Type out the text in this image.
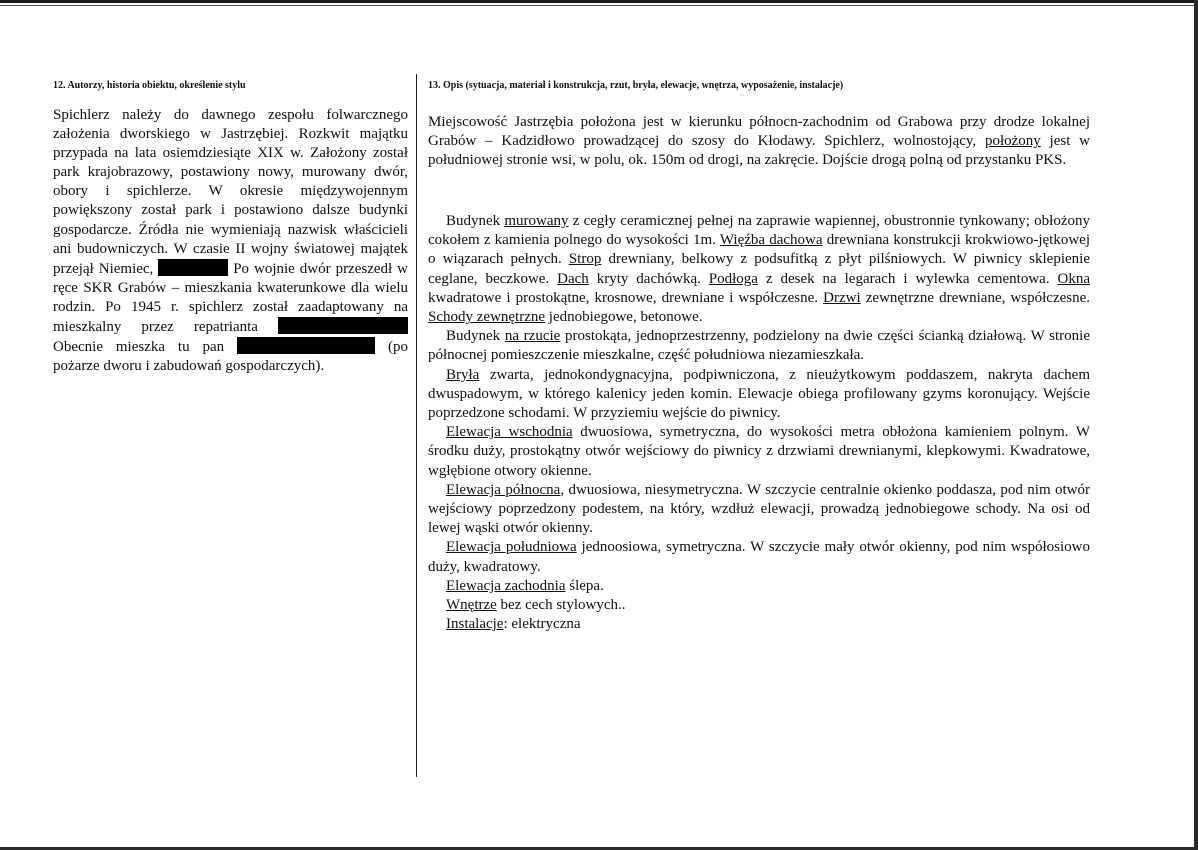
12. Autorzy, historia obiektu, określenie stylu	13. Opis (sytuacja, materiał i konstrukcja, rzut, bryła, elewacje, wnętrza, wyposażenie, instalacje)
Spichlerz należy do dawnego zespołu folwarcznego założenia dworskiego w Jastrzębiej. Rozkwit majątku przypada na lata osiemdziesiąte XIX w. Założony został park krajobrazowy, postawiony nowy, murowany dwór, obory i spichlerze. W okresie międzywojennym powiększony został park i postawiono dalsze budynki gospodarcze. Źródła nie wymieniają nazwisk właścicieli ani budowniczych. W czasie II wojny światowej majątek przejął Niemiec,	Po wojnie dwór przeszedł w ręce SKR Grabów – mieszkania kwaterunkowe dla wielu rodzin. Po 1945 r. spichlerz został zaadaptowany na mieszkalny przez repatrianta  Obecnie mieszka tu pan	(po pożarze dworu i zabudowań gospodarczych).
Miejscowość Jastrzębia położona jest w kierunku północn-zachodnim od Grabowa przy drodze lokalnej Grabów – Kadzidłowo prowadzącej do szosy do Kłodawy. Spichlerz, wolnostojący, położony jest w południowej stronie wsi, w polu, ok. 150m od drogi, na zakręcie. Dojście drogą polną od przystanku PKS.

Budynek murowany z cegły ceramicznej pełnej na zaprawie wapiennej, obustronnie tynkowany; obłożony cokołem z kamienia polnego do wysokości 1m. Więźba dachowa drewniana konstrukcji krokwiowo-jętkowej o wiązarach pełnych. Strop drewniany, belkowy z podsufitką z płyt pilśniowych. W piwnicy sklepienie ceglane, beczkowe. Dach kryty dachówką. Podłoga z desek na legarach i wylewka cementowa. Okna kwadratowe i prostokątne, krosnowe, drewniane i współczesne. Drzwi zewnętrzne drewniane, współczesne. Schody zewnętrzne jednobiegowe, betonowe.

Budynek na rzucie prostokąta, jednoprzestrzenny, podzielony na dwie części ścianką działową. W stronie północnej pomieszczenie mieszkalne, część południowa niezamieszkała.

Bryła zwarta, jednokondygnacyjna, podpiwniczona, z nieużytkowym poddaszem, nakryta dachem dwuspadowym, w którego kalenicy jeden komin. Elewacje obiega profilowany gzyms koronujący. Wejście poprzedzone schodami. W przyziemiu wejście do piwnicy.

Elewacja wschodnia dwuosiowa, symetryczna, do wysokości metra obłożona kamieniem polnym. W środku duży, prostokątny otwór wejściowy do piwnicy z drzwiami drewnianymi, klepkowymi. Kwadratowe, wgłębione otwory okienne.

Elewacja północna, dwuosiowa, niesymetryczna. W szczycie centralnie okienko poddasza, pod nim otwór wejściowy poprzedzony podestem, na który, wzdłuż elewacji, prowadzą jednobiegowe schody. Na osi od lewej wąski otwór okienny.

Elewacja południowa jednoosiowa, symetryczna. W szczycie mały otwór okienny, pod nim współosiowo duży, kwadratowy.

Elewacja zachodnia ślepa.

Wnętrze bez cech stylowych..

Instalacje: elektryczna
